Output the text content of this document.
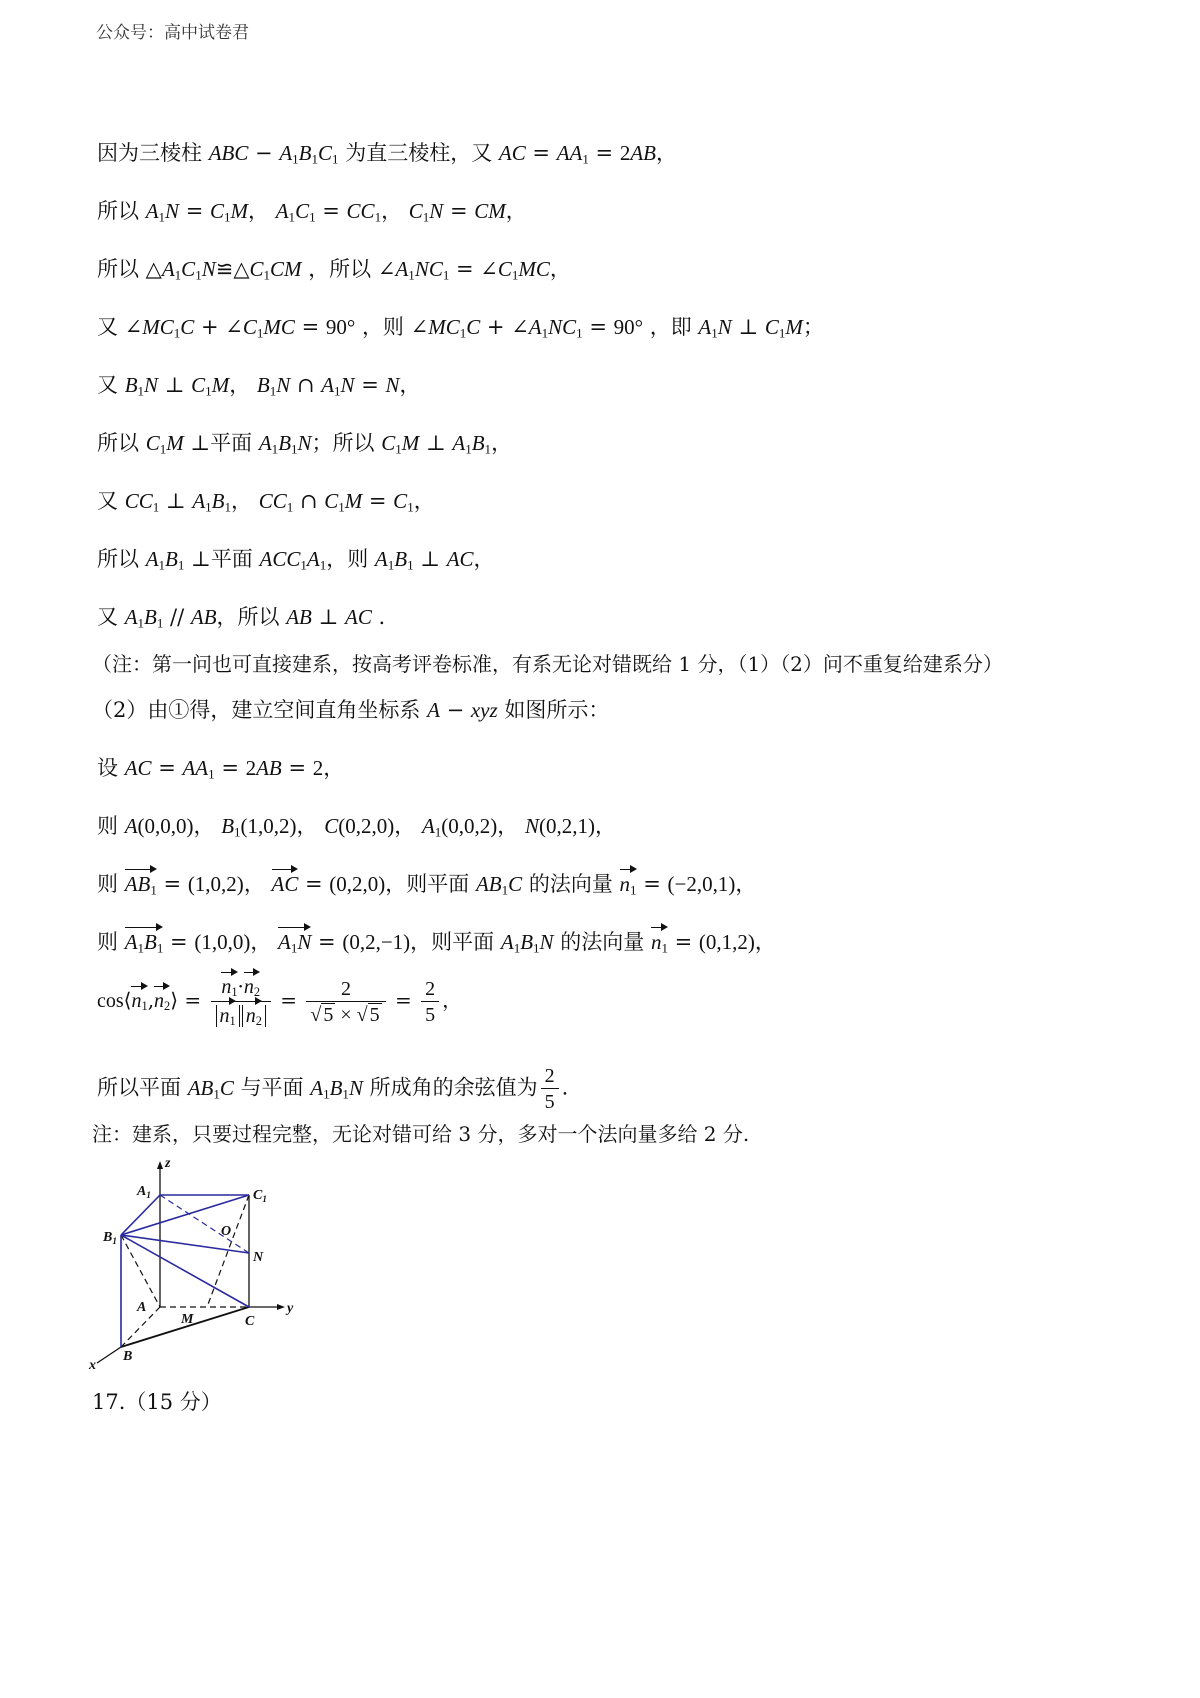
公众号：高中试卷君
因为三棱柱 ABC − $A_1B_1C_1$ 为直三棱柱，又 AC = $AA_1 = 2AB$，
所以 $A_1N = C_1M$， $A_1C_1 = CC_1$， $C_1N$ = CM，
所以 $\triangle A_1C_1N≌\triangle C_1CM$ ，所以 $\angle A_1NC_1$ = $\angle C_1MC$，
又 $\angle MC_1C$ + $\angle C_1MC = 90^\circ$ ，则 $\angle MC_1C$ + $\angle A_1NC_1 = 90^\circ$ ，即 $A_1N$ ⊥ $C_1M$；
又 $B_1N$ ⊥ $C_1M$， $B_1N$ ∩ $A_1N = N$，
所以 $C_1M$ ⊥平面 $A_1B_1N$；所以 $C_1M$ ⊥ $A_1B_1$，
又 $CC_1$ ⊥ $A_1B_1$， $CC_1$ ∩ $C_1M = C_1$，
所以 $A_1B_1$ ⊥平面 $ACC_1A_1$，则 $A_1B_1$ ⊥ AC，
又 $A_1B_1$ // AB，所以 AB ⊥ AC .
（注：第一问也可直接建系，按高考评卷标准，有系无论对错既给 1 分，（1）（2）问不重复给建系分）
（2）由①得，建立空间直角坐标系 A − xyz 如图所示：
设 AC = $AA_1 = 2AB = 2$，
则 A(0,0,0)， $B_1(1,0,2)$， C(0,2,0)， $A_1(0,0,2)$， N(0,2,1)，
则 $AB_1 = (1,0,2)$， AC = (0,2,0)，则平面 $AB_1C$ 的法向量 $n_1 = (-2,0,1)$，
则 $A_1B_1 = (1,0,0)$， $A_1N = (0,2,-1)$，则平面 $A_1B_1N$ 的法向量 $n_1 = (0,1,2)$，
$\cos⟨n_1,n_2⟩ = \frac{n_1\cdot n_2}{n_1 n_2} = \frac{2}{√ 5 \times √ 5} = \frac{2}{5}$ ，
所以平面 $AB_1C$ 与平面 $A_1B_1N$ 所成角的余弦值为 $\frac{2}{5}$ .
注：建系，只要过程完整，无论对错可给 3 分，多对一个法向量多给 2 分.
z
y
x
$A_1$	$C_1$
$B_1$
O
N
A
M	C
B
17.（15 分）
